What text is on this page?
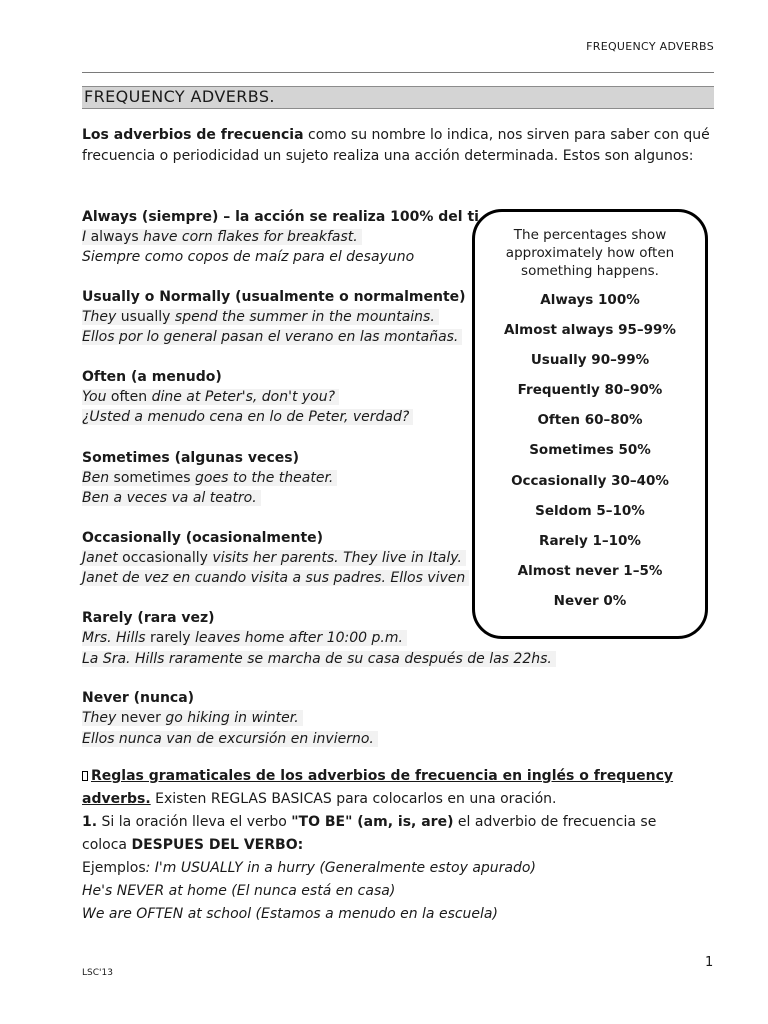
FREQUENCY ADVERBS
FREQUENCY ADVERBS.
Los adverbios de frecuencia como su nombre lo indica, nos sirven para saber con qué frecuencia o periodicidad un sujeto realiza una acción determinada. Estos son algunos:
Always (siempre) – la acción se realiza 100% del ti
I always have corn flakes for breakfast.
Siempre como copos de maíz para el desayuno
Usually o Normally (usualmente o normalmente)
They usually spend the summer in the mountains.
Ellos por lo general pasan el verano en las montañas.
Often (a menudo)
You often dine at Peter's, don't you?
¿Usted a menudo cena en lo de Peter, verdad?
Sometimes (algunas veces)
Ben sometimes goes to the theater.
Ben a veces va al teatro.
Occasionally (ocasionalmente)
Janet occasionally visits her parents. They live in Italy.
Janet de vez en cuando visita a sus padres. Ellos viven
Rarely (rara vez)
Mrs. Hills rarely leaves home after 10:00 p.m.
La Sra. Hills raramente se marcha de su casa después de las 22hs.
Never (nunca)
They never go hiking in winter.
Ellos nunca van de excursión en invierno.
The percentages show approximately how often something happens.
Always 100%
Almost always 95–99%
Usually 90–99%
Frequently 80–90%
Often 60–80%
Sometimes 50%
Occasionally 30–40%
Seldom 5–10%
Rarely 1–10%
Almost never 1–5%
Never 0%
Reglas gramaticales de los adverbios de frecuencia en inglés o frequency
adverbs. Existen REGLAS BASICAS para colocarlos en una oración.
1. Si la oración lleva el verbo "TO BE" (am, is, are) el adverbio de frecuencia se
coloca DESPUES DEL VERBO:
Ejemplos: I'm USUALLY in a hurry (Generalmente estoy apurado)
He's NEVER at home (El nunca está en casa)
We are OFTEN at school (Estamos a menudo en la escuela)
1
LSC'13
